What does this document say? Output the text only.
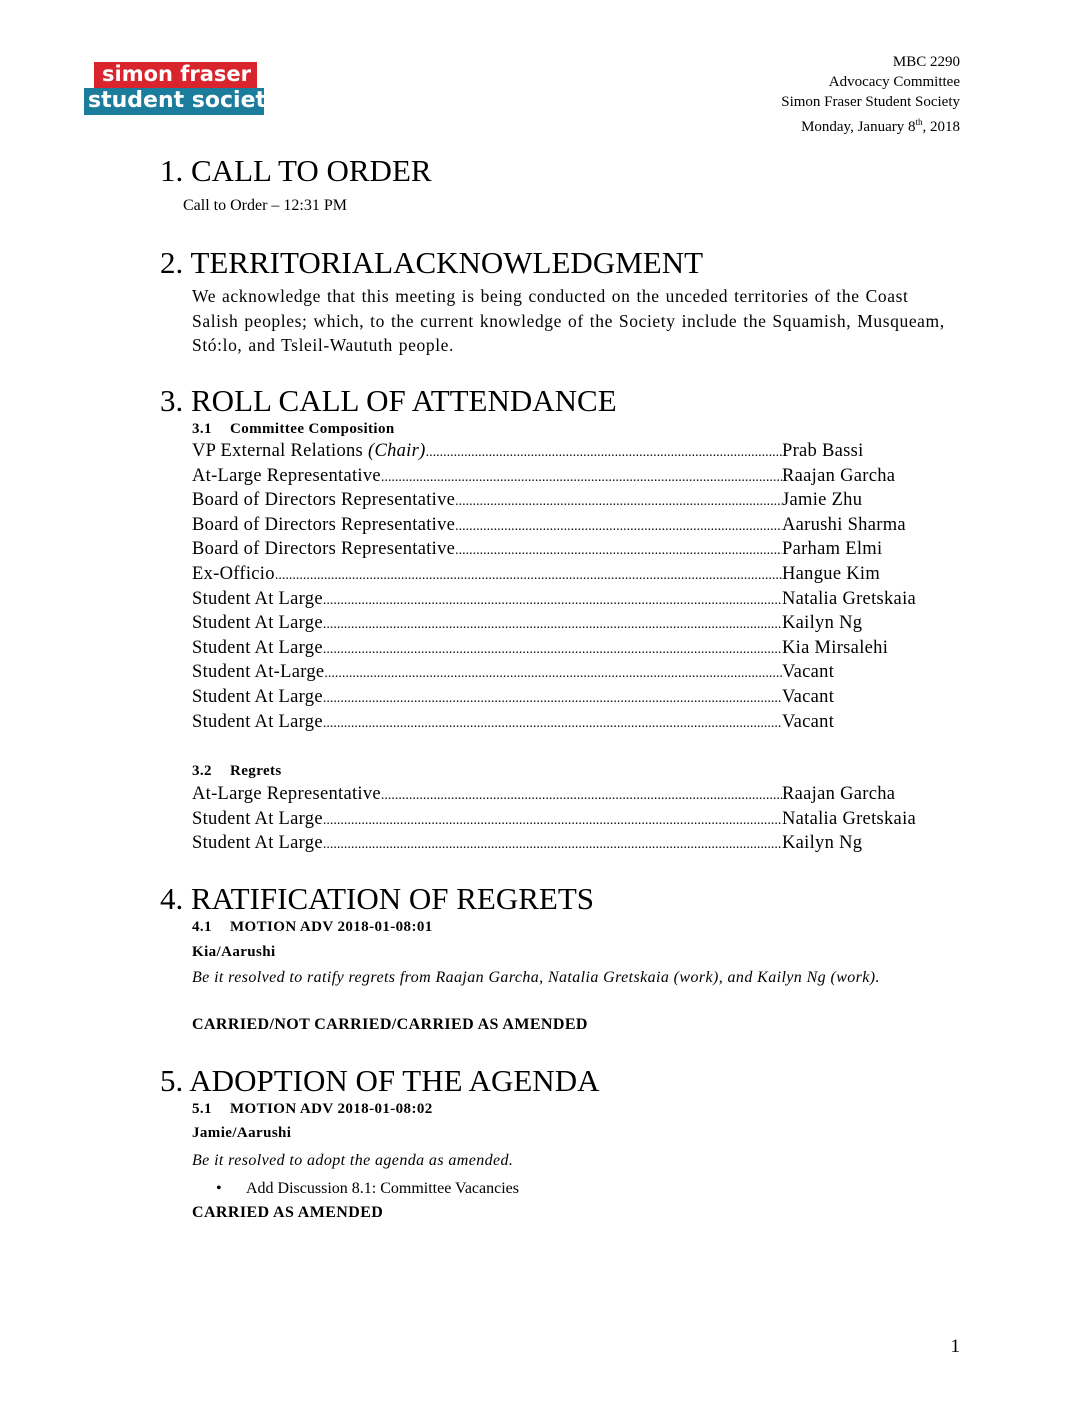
simon fraser
student society
MBC 2290
Advocacy Committee
Simon Fraser Student Society
Monday, January 8th, 2018
1. CALL TO ORDER
Call to Order – 12:31 PM
2. TERRITORIALACKNOWLEDGMENT
We acknowledge that this meeting is being conducted on the unceded territories of the Coast Salish peoples; which, to the current knowledge of the Society include the Squamish, Musqueam, Stó:lo, and Tsleil-Waututh people.
3. ROLL CALL OF ATTENDANCE
3.1 Committee Composition
VP External Relations (Chair) .....	Prab Bassi
At-Large Representative .....	Raajan Garcha
Board of Directors Representative .....	Jamie Zhu
Board of Directors Representative .....	Aarushi Sharma
Board of Directors Representative .....	Parham Elmi
Ex-Officio .....	Hangue Kim
Student At Large .....	Natalia Gretskaia
Student At Large .....	Kailyn Ng
Student At Large .....	Kia Mirsalehi
Student At-Large .....	Vacant
Student At Large .....	Vacant
Student At Large .....	Vacant
3.2 Regrets
At-Large Representative .....	Raajan Garcha
Student At Large .....	Natalia Gretskaia
Student At Large .....	Kailyn Ng
4. RATIFICATION OF REGRETS
4.1 MOTION ADV 2018-01-08:01
Kia/Aarushi
Be it resolved to ratify regrets from Raajan Garcha, Natalia Gretskaia (work), and Kailyn Ng (work).
CARRIED/NOT CARRIED/CARRIED AS AMENDED
5. ADOPTION OF THE AGENDA
5.1 MOTION ADV 2018-01-08:02
Jamie/Aarushi
Be it resolved to adopt the agenda as amended.
• Add Discussion 8.1: Committee Vacancies
CARRIED AS AMENDED
1
